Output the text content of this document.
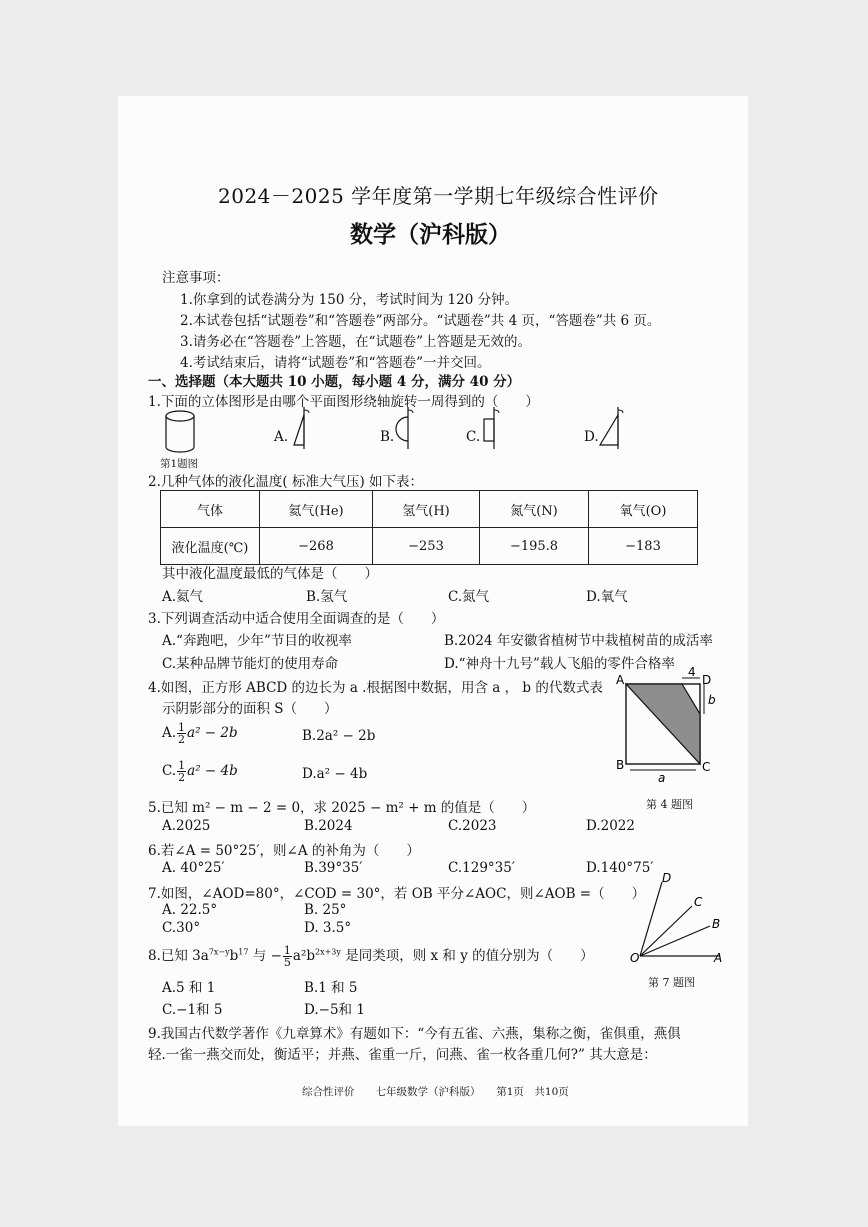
2024－2025 学年度第一学期七年级综合性评价
数学（沪科版）
注意事项：
1.你拿到的试卷满分为 150 分，考试时间为 120 分钟。
2.本试卷包括“试题卷”和“答题卷”两部分。“试题卷”共 4 页，“答题卷”共 6 页。
3.请务必在“答题卷”上答题，在“试题卷”上答题是无效的。
4.考试结束后，请将“试题卷”和“答题卷”一并交回。
一、选择题（本大题共 10 小题，每小题 4 分，满分 40 分）
1.下面的立体图形是由哪个平面图形绕轴旋转一周得到的（　　）
第1题图
A.	B.	C.	D.
2.几种气体的液化温度( 标准大气压) 如下表：
气体	氦气(He)	氢气(H)	氮气(N)	氧气(O)
液化温度(℃)	−268	−253	−195.8	−183
其中液化温度最低的气体是（　　）
A.氦气	B.氢气	C.氮气	D.氧气
3.下列调查活动中适合使用全面调查的是（　　）
A.“奔跑吧，少年”节目的收视率	B.2024 年安徽省植树节中栽植树苗的成活率
C.某种品牌节能灯的使用寿命	D.“神舟十九号”载人飞船的零件合格率
4.如图，正方形 ABCD 的边长为 a .根据图中数据，用含 a ， b 的代数式表
示阴影部分的面积 S（　　）
A. $\frac{1}{2} a^2 - 2b$	B.2a² − 2b
C. $\frac{1}{2} a^2 - 4b$	D.a² − 4b
A	D
B	C
4
b
a
第 4 题图
5.已知 m² − m − 2 = 0，求 2025 − m² + m 的值是（　　）
A.2025	B.2024	C.2023	D.2022
6.若∠A = 50°25′，则∠A 的补角为（　　）
A. 40°25′	B.39°35′	C.129°35′	D.140°75′
7.如图，∠AOD=80°，∠COD = 30°，若 OB 平分∠AOC，则∠AOB =（　　）
A. 22.5°	B. 25°
C.30°	D. 3.5°
O	A
B
C
D
第 7 题图
8.已知 $3a^{7x-y}b^{17}$ 与 − $\frac{1}{5} a^2b^{2x+3y}$ 是同类项，则 x 和 y 的值分别为（　　）
A.5 和 1	B.1 和 5
C.−1和 5	D.−5和 1
9.我国古代数学著作《九章算术》有题如下：“今有五雀、六燕，集称之衡，雀俱重，燕俱
轻.一雀一燕交而处，衡适平；并燕、雀重一斤，问燕、雀一枚各重几何?” 其大意是：
综合性评价　　七年级数学（沪科版）　　第1页　共10页
